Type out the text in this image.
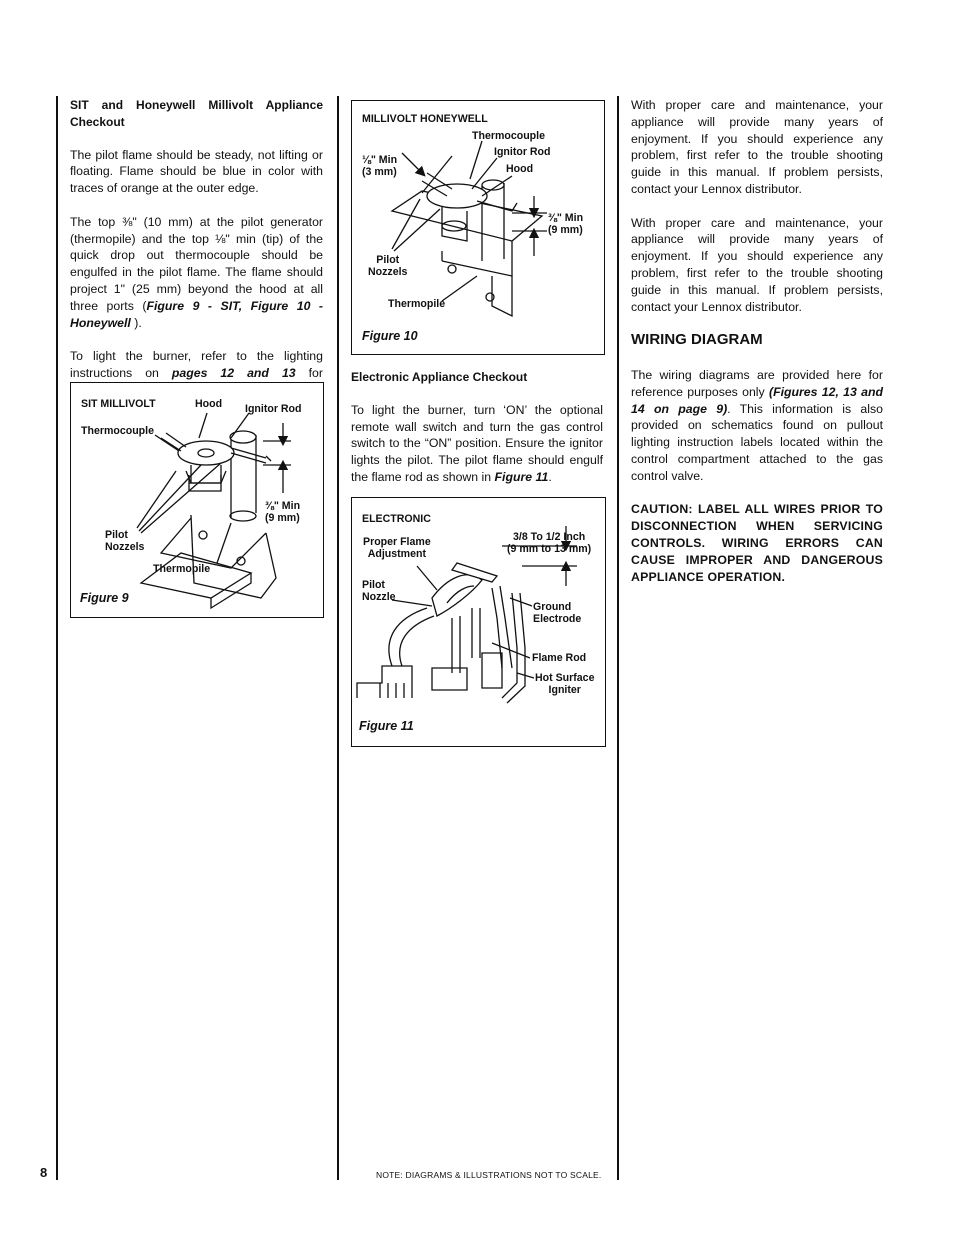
SIT and Honeywell Millivolt Appliance Checkout

The pilot flame should be steady, not lifting or floating. Flame should be blue in color with traces of orange at the outer edge.

The top ⅜" (10 mm) at the pilot generator (thermopile) and the top ⅛" min (tip) of the quick drop out thermocouple should be engulfed in the pilot flame. The flame should project 1" (25 mm) beyond the hood at all three ports (Figure 9 - SIT, Figure 10 - Honeywell ).

To light the burner, refer to the lighting instructions on pages 12 and 13 for

SIT MILLIVOLT	Hood Ignitor Rod
Thermocouple
⅜" Min
(9 mm)
Pilot
Nozzels
Thermopile
Figure 9
MILLIVOLT HONEYWELL
Thermocouple
Ignitor Rod
Hood
⅛" Min
(3 mm)
⅜" Min
(9 mm)
Pilot
Nozzels
Thermopile
Figure 10
Electronic Appliance Checkout

To light the burner, turn ‘ON’ the optional remote wall switch and turn the gas control switch to the “ON” position. Ensure the ignitor lights the pilot. The pilot flame should engulf the flame rod as shown in Figure 11.

ELECTRONIC
Proper Flame
Adjustment
3/8 To 1/2 Inch
(9 mm to 13 mm)
Pilot
Nozzle
Ground
Electrode
Flame Rod
Hot Surface
Igniter
Figure 11

With proper care and maintenance, your appliance will provide many years of enjoyment. If you should experience any problem, first refer to the trouble shooting guide in this manual. If problem persists, contact your Lennox distributor.

With proper care and maintenance, your appliance will provide many years of enjoyment. If you should experience any problem, first refer to the trouble shooting guide in this manual. If problem persists, contact your Lennox distributor.

WIRING DIAGRAM

The wiring diagrams are provided here for reference purposes only (Figures 12, 13 and 14 on page 9). This information is also provided on schematics found on pullout lighting instruction labels located within the control compartment attached to the gas control valve.

CAUTION: LABEL ALL WIRES PRIOR TO DISCONNECTION WHEN SERVICING CONTROLS. WIRING ERRORS CAN CAUSE IMPROPER AND DANGEROUS APPLIANCE OPERATION.

8	NOTE: DIAGRAMS & ILLUSTRATIONS NOT TO SCALE.
